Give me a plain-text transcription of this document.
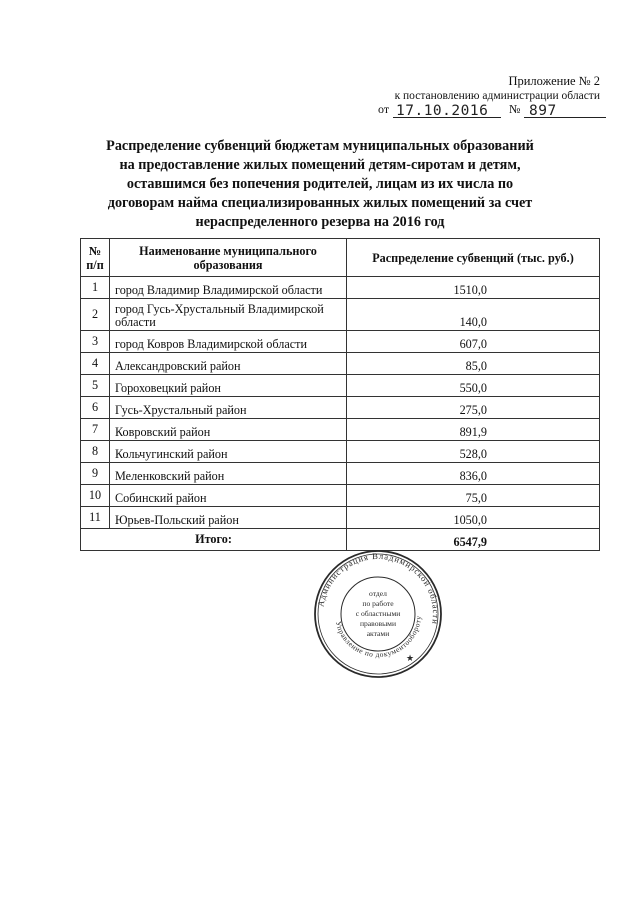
Приложение № 2
к постановлению администрации области
от 17.10.2016 № 897
Распределение субвенций бюджетам муниципальных образований на предоставление жилых помещений детям-сиротам и детям, оставшимся без попечения родителей, лицам из их числа по договорам найма специализированных жилых помещений за счет нераспределенного резерва на 2016 год
№ п/п	Наименование муниципального образования	Распределение субвенций (тыс. руб.)
1	город Владимир Владимирской области	1510,0
2	город Гусь-Хрустальный Владимирской области	140,0
3	город Ковров Владимирской области	607,0
4	Александровский район	85,0
5	Гороховецкий район	550,0
6	Гусь-Хрустальный район	275,0
7	Ковровский район	891,9
8	Кольчугинский район	528,0
9	Меленковский район	836,0
10	Собинский район	75,0
11	Юрьев-Польский район	1050,0
Итого:		6547,9
Администрация Владимирской области
Управление по документообороту
отдел
по работе
с областными
правовыми
актами
★
